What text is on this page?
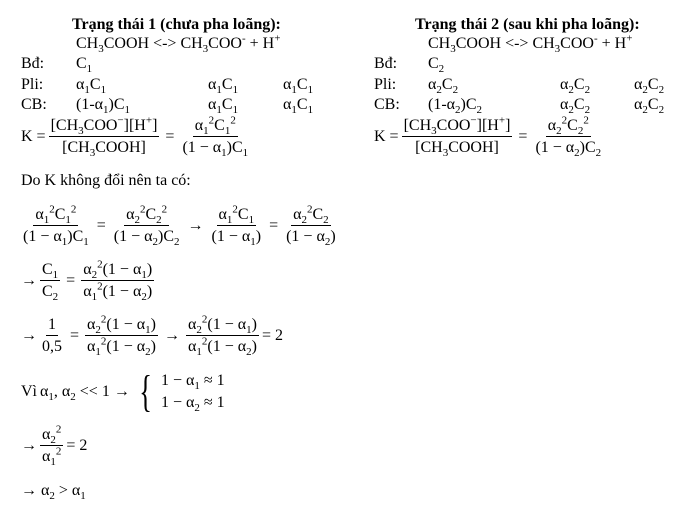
Trạng thái 1 (chưa pha loãng):
$CH_3COOH$ <-> $CH_3COO^- + H^+$
Bđ: $C_1$
Pli: $\alpha_1C_1$	$\alpha_1C_1$	$\alpha_1C_1$
CB: $(1-\alpha_1)C_1$	$\alpha_1C_1$	$\alpha_1C_1$
$K = \frac{[CH_3COO^-][H^+]}{[CH_3COOH]} = \frac{\alpha_1^2C_1^2}{(1 - \alpha_1)C_1}$
Trạng thái 2 (sau khi pha loãng):
$CH_3COOH$ <-> $CH_3COO^- + H^+$
Bđ: $C_2$
Pli: $\alpha_2C_2$	$\alpha_2C_2$	$\alpha_2C_2$
CB: $(1-\alpha_2)C_2$	$\alpha_2C_2$	$\alpha_2C_2$
$K = \frac{[CH_3COO^-][H^+]}{[CH_3COOH]} = \frac{\alpha_2^2C_2^2}{(1 - \alpha_2)C_2}$
Do K không đổi nên ta có:
$\frac{\alpha_1^2C_1^2}{(1 - \alpha_1)C_1} = \frac{\alpha_2^2C_2^2}{(1 - \alpha_2)C_2} \to \frac{\alpha_1^2C_1}{(1 - \alpha_1)} = \frac{\alpha_2^2C_2}{(1 - \alpha_2)}$
→ $\frac{C_1}{C_2} = \frac{\alpha_2^2(1 - \alpha_1)}{\alpha_1^2(1 - \alpha_2)}$
→ $\frac{1}{0,5} = \frac{\alpha_2^2(1 - \alpha_1)}{\alpha_1^2(1 - \alpha_2)} \to \frac{\alpha_2^2(1 - \alpha_1)}{\alpha_1^2(1 - \alpha_2)} = 2$
Vì $\alpha_1$, $\alpha_2 << 1$ → { $1 - \alpha_1 \approx 1$
$1 - \alpha_2 \approx 1$
→ $\frac{\alpha_2^2}{\alpha_1^2} = 2$
→ $\alpha_2 > \alpha_1$
